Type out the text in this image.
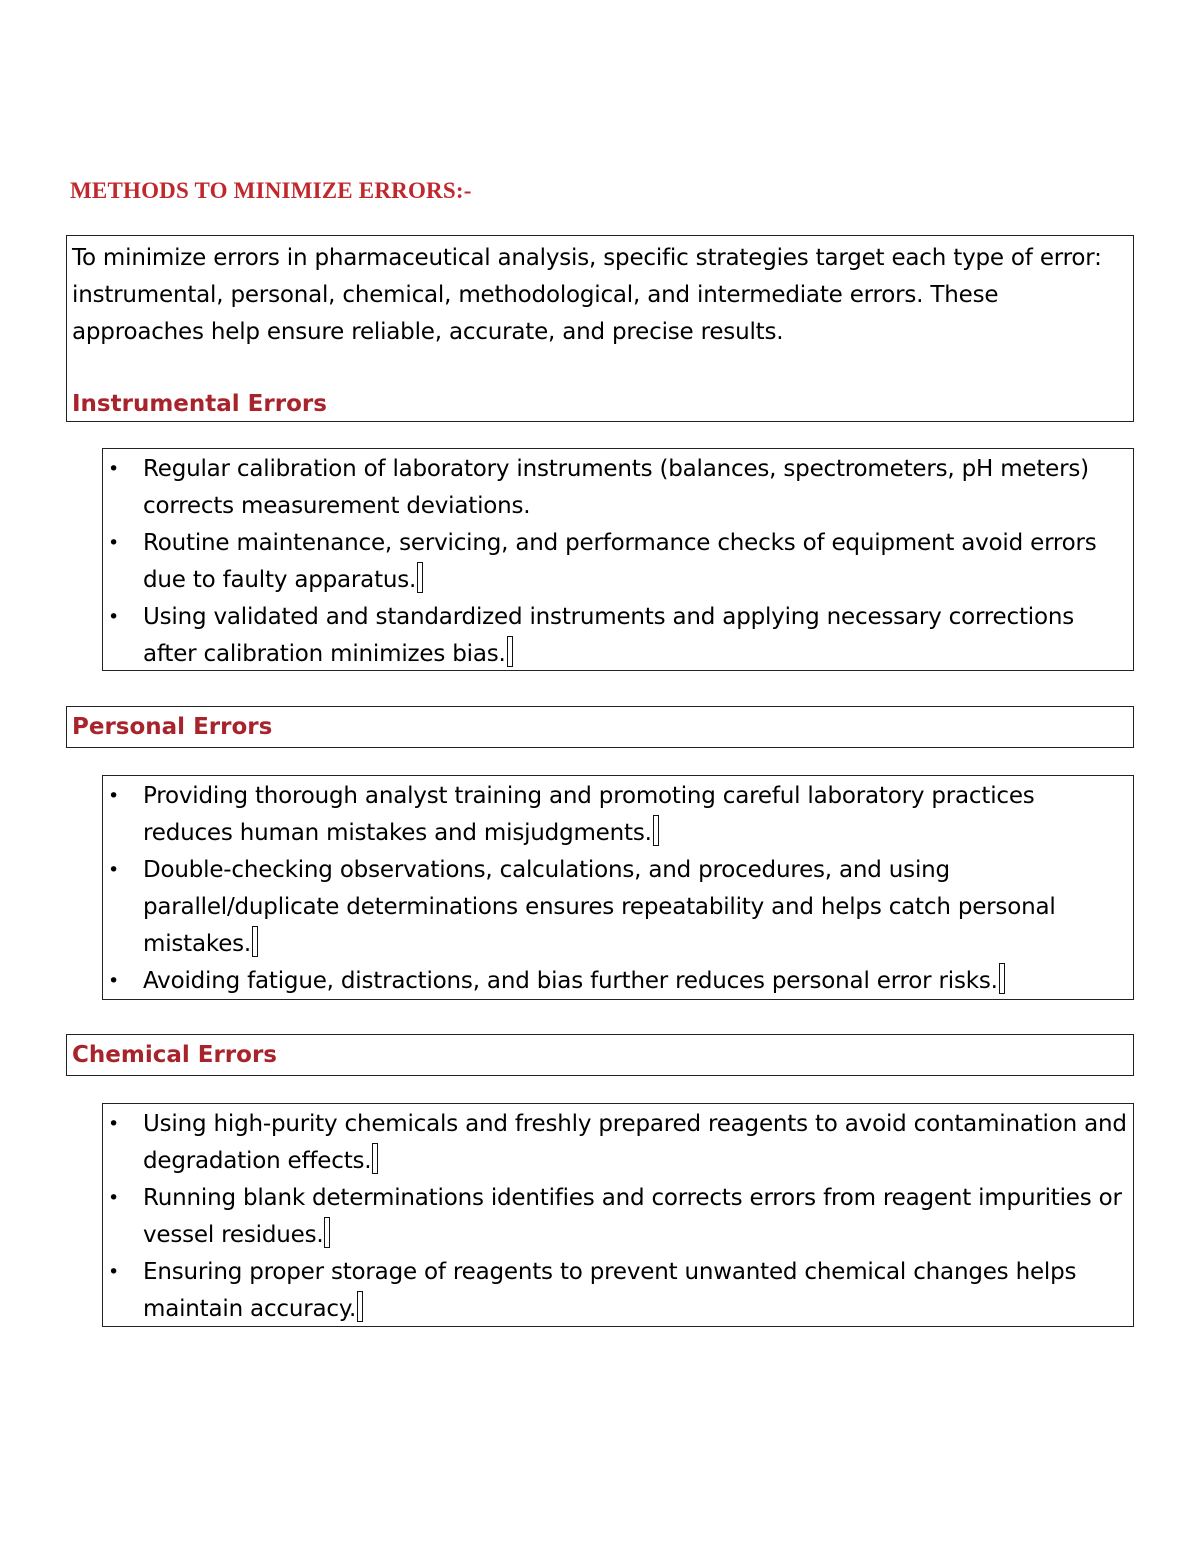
METHODS TO MINIMIZE ERRORS:-

To minimize errors in pharmaceutical analysis, specific strategies target each type of error: instrumental, personal, chemical, methodological, and intermediate errors. These approaches help ensure reliable, accurate, and precise results.

Instrumental Errors
• Regular calibration of laboratory instruments (balances, spectrometers, pH meters) corrects measurement deviations.
• Routine maintenance, servicing, and performance checks of equipment avoid errors due to faulty apparatus.
• Using validated and standardized instruments and applying necessary corrections after calibration minimizes bias.
Personal Errors
• Providing thorough analyst training and promoting careful laboratory practices reduces human mistakes and misjudgments.
• Double-checking observations, calculations, and procedures, and using parallel/duplicate determinations ensures repeatability and helps catch personal mistakes.
• Avoiding fatigue, distractions, and bias further reduces personal error risks.
Chemical Errors
• Using high-purity chemicals and freshly prepared reagents to avoid contamination and degradation effects.
• Running blank determinations identifies and corrects errors from reagent impurities or vessel residues.
• Ensuring proper storage of reagents to prevent unwanted chemical changes helps maintain accuracy.
